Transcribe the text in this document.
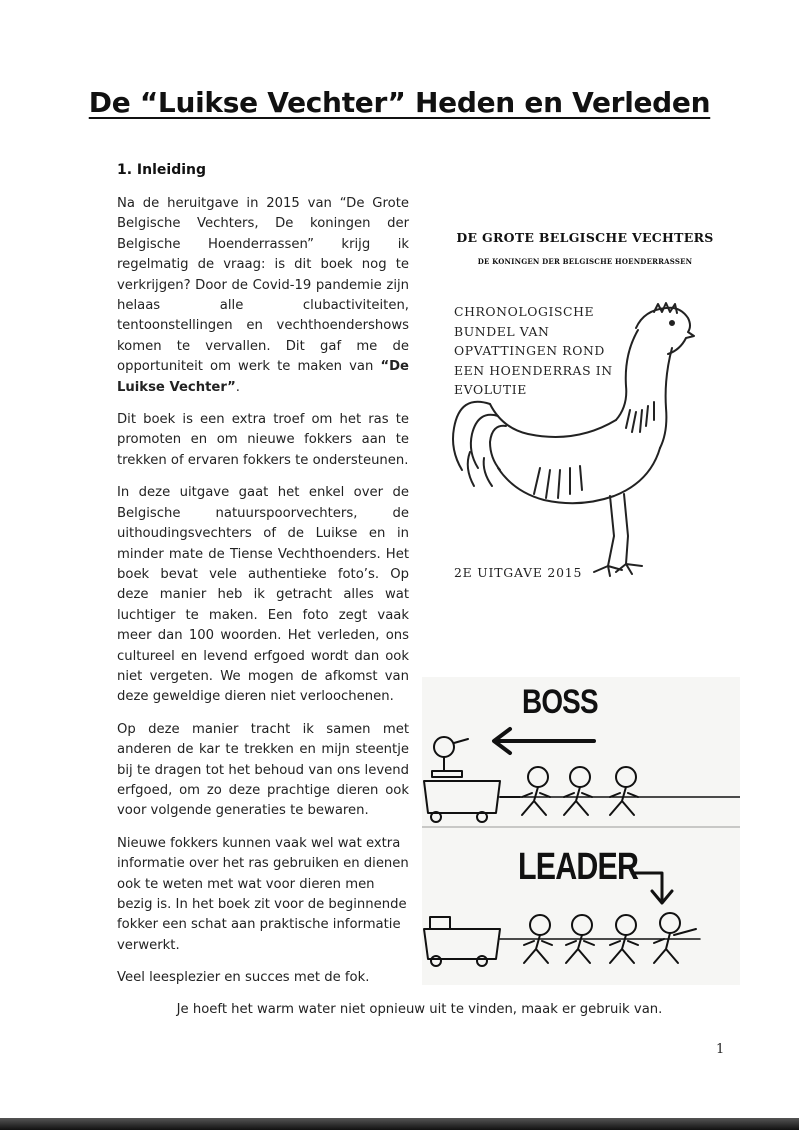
De “Luikse Vechter” Heden en Verleden
1. Inleiding

Na de heruitgave in 2015 van “De Grote Belgische Vechters, De koningen der Belgische Hoenderrassen” krijg ik regelmatig de vraag: is dit boek nog te verkrijgen? Door de Covid-19 pandemie zijn helaas alle clubactiviteiten, tentoonstellingen en vechthoendershows komen te vervallen. Dit gaf me de opportuniteit om werk te maken van “De Luikse Vechter”.

Dit boek is een extra troef om het ras te promoten en om nieuwe fokkers aan te trekken of ervaren fokkers te ondersteunen.

In deze uitgave gaat het enkel over de Belgische natuurspoorvechters, de uithoudingsvechters of de Luikse en in minder mate de Tiense Vechthoenders. Het boek bevat vele authentieke foto’s. Op deze manier heb ik getracht alles wat luchtiger te maken. Een foto zegt vaak meer dan 100 woorden. Het verleden, ons cultureel en levend erfgoed wordt dan ook niet vergeten. We mogen de afkomst van deze geweldige dieren niet verloochenen.

Op deze manier tracht ik samen met anderen de kar te trekken en mijn steentje bij te dragen tot het behoud van ons levend erfgoed, om zo deze prachtige dieren ook voor volgende generaties te bewaren.

Nieuwe fokkers kunnen vaak wel wat extra informatie over het ras gebruiken en dienen ook te weten met wat voor dieren men bezig is. In het boek zit voor de beginnende fokker een schat aan praktische informatie verwerkt.

Veel leesplezier en succes met de fok.

DE GROTE BELGISCHE VECHTERS
DE KONINGEN DER BELGISCHE HOENDERRASSEN

CHRONOLOGISCHE
BUNDEL VAN
OPVATTINGEN ROND
EEN HOENDERRAS IN
EVOLUTIE

2E UITGAVE 2015
BOSS
LEADER
Je hoeft het warm water niet opnieuw uit te vinden, maak er gebruik van.
1
